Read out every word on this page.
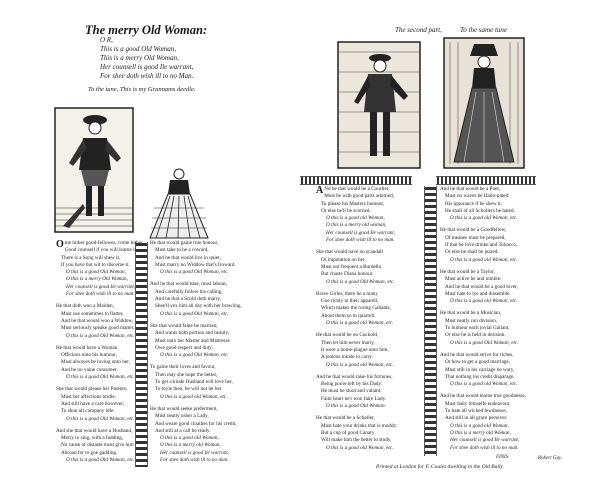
The merry Old Woman:
O R,
This is a good Old Woman,
This is a merry Old Woman,
Her counsell is good Ile warrant,
For shee doth wish ill to no Man.
To the tune, This is my Grannams deedle.
The second part,	To the same tune
O me hither good-fellowes, come hither,
Good counsell if you will learne it,
There is a Song will shew it,
If you have but wit to discerne it.
O this is a good Old Woman,
O this is a merry Old Woman,
Her counsell is good Ile warrant,
For shee doth wish ill to no man.
He that doth woo a Maiden,
Must use sometimes to flatter,
And he that would woo a Widdow,
Must seriously speake good matter.
O this is a good Old Woman, etc.
He that would have a Woman
Officious unto his humour,
Must alwayes be loving unto her,
And be no vaine consumer.
O this is a good Old Woman, etc.
She that would please her Parents,
Must her affections bridle,
And still have a care however,
To shun all company idle.
O this is a good Old Woman, etc.
And she that would have a Husband,
Merry to sing, with a fadding,
No cause of distaste must give him
Abroad for to goe gadding.
O this is a good Old Woman, etc.
He that would gaine true honour,
Must take to be a coward,
And he that would live in quiet,
Must marry no Widdow that's froward.
O this is a good Old Woman, etc.
And he that would ease, must labour,
And carefully follow his calling,
And he that a Scold doth marry,
Shee'll vex him all day with her brawling.
O this is a good Old Woman, etc.
She that would faine be married,
And wants both portion and beauty,
Must unto her Master and Mistresse
Owe good respect and duty.
O this is a good Old Woman, etc.
To gaine their loves and favour,
Then may she hope the better,
To get a kinde Husband will love her,
To toyle then, he will not let her.
O this is a good old Woman, etc.
He that would seeke preferment,
Must neatly usher a Lady,
And weare good cloathes for his credit,
And still at a call be ready.
O this is a good old Woman,
O this is a merry old Woman,
Her counsell is good Ile warrant,
For shee doth wish ill to no man.
A Nd he that would be a Courtier,
Must be with good parts adorned,
To please his Masters humour,
Or else he'll be scorned.
O this is a good old Woman,
O this is a merry old woman,
Her counsell is good Ile warrant,
For shee doth wish ill to no man.
She that would have no scandall
Or imputation on her,
Must not frequent a Burdello,
But chaste Diana honour.
O this is a good Old Woman, etc.
Brave Girles, there be a many
Goe richly in their apparell,
Which makes the roring Gallants,
About them so to quarrell.
O this is a good old Woman, etc.
He that would be no Cuckold,
Then let him never marry,
It were a home-plague unto him,
A jealous minde to carry.
O this is a good old Woman, etc.
And he that would raise his fortunes,
Being poore left by his Dady:
He must be stout and valiant,
Faint heart ne'r won faire Lady.
O this is a good Old Woman.
He that would be a Scholler,
Must hate your drinks that is muddy:
But a cup of good Canary
Will make him the better to study.
O this is a good old Woman, etc.
And he that would be a Poet,
Must no waves be Ifailo-pated:
His ignorance if he shew it,
He shall of all Schollers be hated.
O this is a good old Woman, etc.
He that would be a Goodfellow,
Of meanes must be prepared,
If that he love drinke and Tobacco,
Or else he shall be jeared.
O this is a good old Woman, etc.
He that would be a Taylor,
Must active be and nimble:
And he that would be a good lover,
Must hate to lye and dissemble.
O this is a good old Woman, etc.
He that would be a Musician,
Must neatly run division,
To humour each jovial Gallant,
Or else he is held in derision.
O this is a good Old Woman, etc.
And he that would strive for riches,
Or how to get a good marriage,
Must still in his carriage be wary,
That nothing his credit disparage.
O this is a good old Woman, etc.
And he that would learne true goodnesse,
Must daily himselfe endeavour,
To hate all wicked lewdnesse,
And still in all grace persever.
O this is a good old Woman,
O this is a merry old Woman,
Her counsell is good Ile warrant,
For shee doth wish ill to no man.
FINIS.	Robert Guy.
Printed at London for F. Coules dwelling in the Old Baily.
